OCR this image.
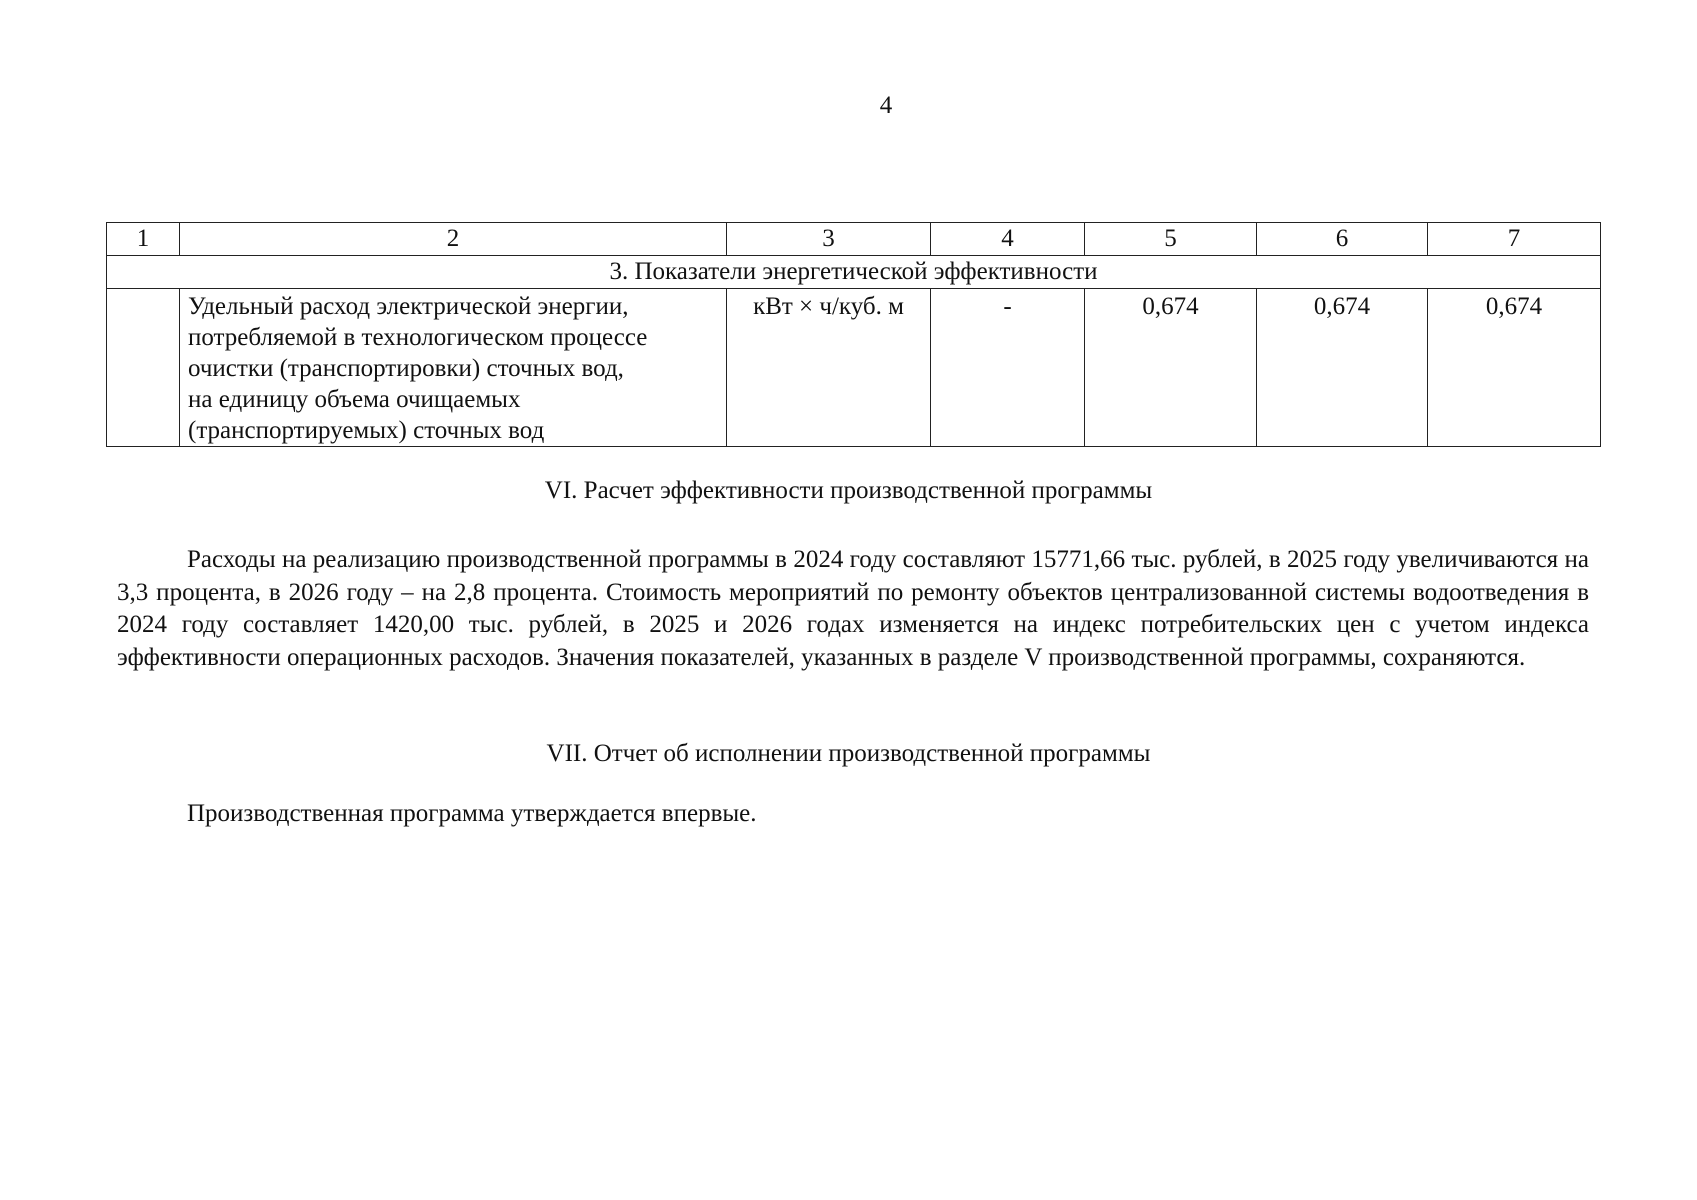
4
1	2	3	4	5	6	7
3. Показатели энергетической эффективности						

	Удельный расход электрической энергии,
потребляемой в технологическом процессе
очистки (транспортировки) сточных вод,
на единицу объема очищаемых
(транспортируемых) сточных вод	кВт × ч/куб. м	-	0,674	0,674	0,674
VI. Расчет эффективности производственной программы

Расходы на реализацию производственной программы в 2024 году составляют 15771,66 тыс. рублей, в 2025 году увеличиваются на 3,3 процента, в 2026 году – на 2,8 процента. Стоимость мероприятий по ремонту объектов централизованной системы водоотведения в 2024 году составляет 1420,00 тыс. рублей, в 2025 и 2026 годах изменяется на индекс потребительских цен с учетом индекса эффективности операционных расходов. Значения показателей, указанных в разделе V производственной программы, сохраняются.

VII. Отчет об исполнении производственной программы

Производственная программа утверждается впервые.
